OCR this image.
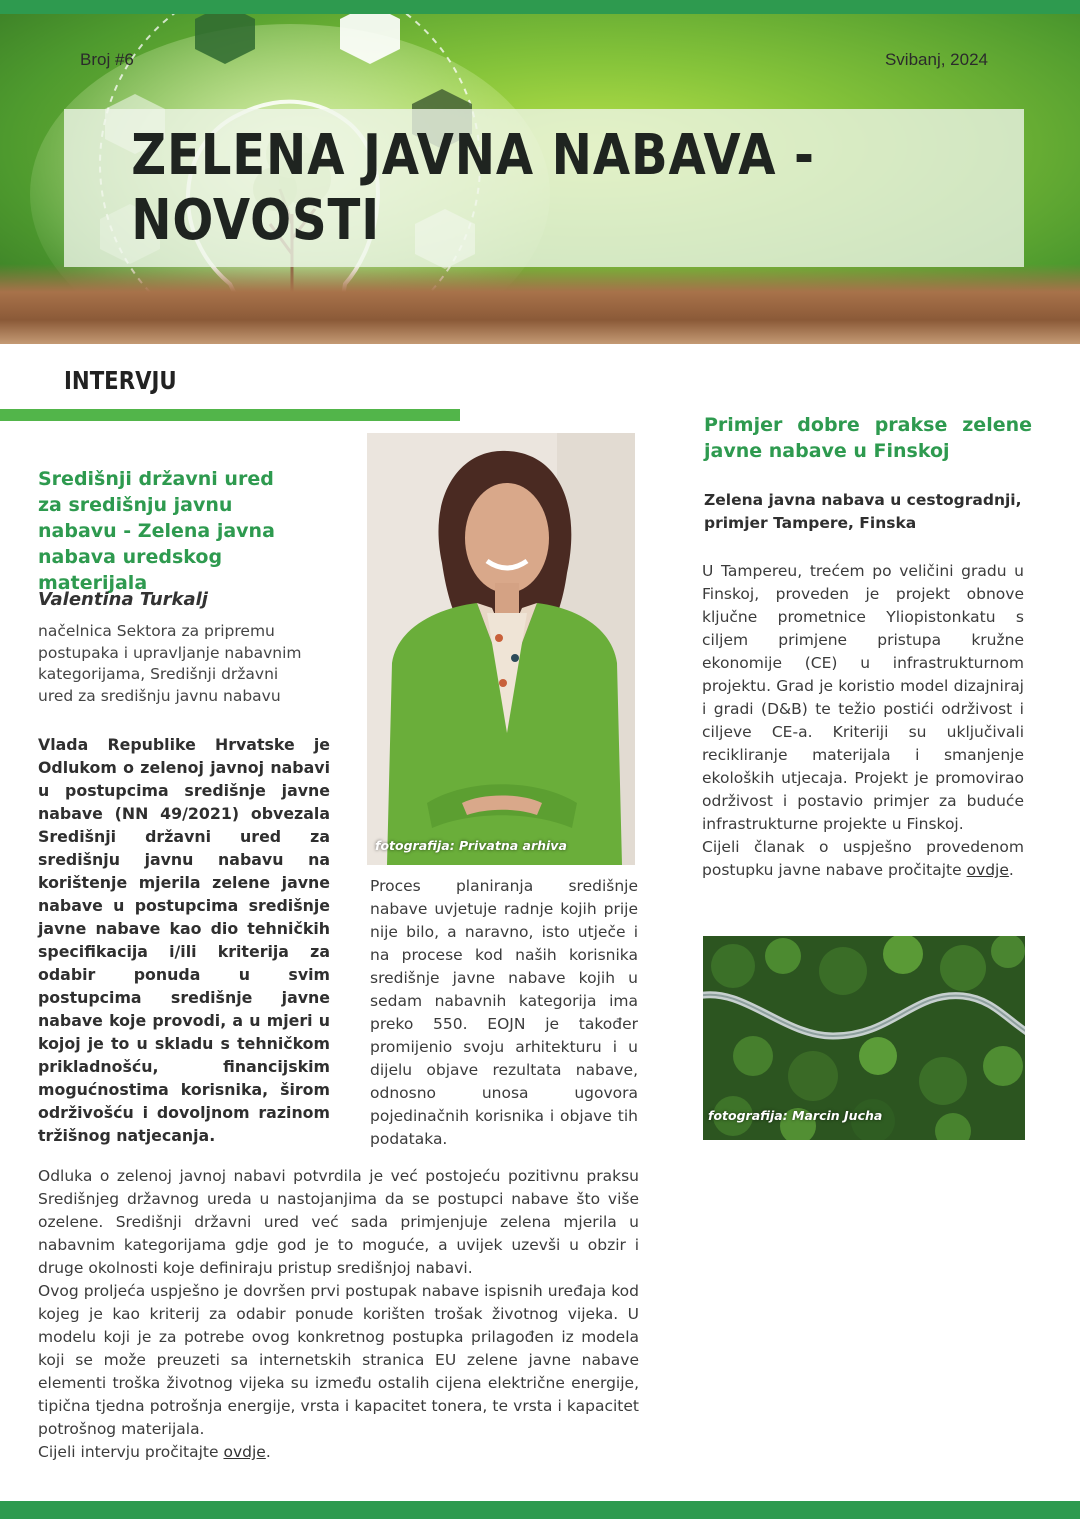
Broj #6	Svibanj, 2024
ZELENA JAVNA NABAVA - NOVOSTI
INTERVJU
Središnji državni ured za središnju javnu nabavu - Zelena javna nabava uredskog materijala
Valentina Turkalj
načelnica Sektora za pripremu postupaka i upravljanje nabavnim kategorijama, Središnji državni ured za središnju javnu nabavu
Vlada Republike Hrvatske je Odlukom o zelenoj javnoj nabavi u postupcima središnje javne nabave (NN 49/2021) obvezala Središnji državni ured za središnju javnu nabavu na korištenje mjerila zelene javne nabave u postupcima središnje javne nabave kao dio tehničkih specifikacija i/ili kriterija za odabir ponuda u svim postupcima središnje javne nabave koje provodi, a u mjeri u kojoj je to u skladu s tehničkom prikladnošću, financijskim mogućnostima korisnika, širom održivošću i dovoljnom razinom tržišnog natjecanja.
fotografija: Privatna arhiva
Proces planiranja središnje nabave uvjetuje radnje kojih prije nije bilo, a naravno, isto utječe i na procese kod naših korisnika središnje javne nabave kojih u sedam nabavnih kategorija ima preko 550. EOJN je također promijenio svoju arhitekturu i u dijelu objave rezultata nabave, odnosno unosa ugovora pojedinačnih korisnika i objave tih podataka.

Odluka o zelenoj javnoj nabavi potvrdila je već postojeću pozitivnu praksu Središnjeg državnog ureda u nastojanjima da se postupci nabave što više ozelene. Središnji državni ured već sada primjenjuje zelena mjerila u nabavnim kategorijama gdje god je to moguće, a uvijek uzevši u obzir i druge okolnosti koje definiraju pristup središnjoj nabavi.

Ovog proljeća uspješno je dovršen prvi postupak nabave ispisnih uređaja kod kojeg je kao kriterij za odabir ponude korišten trošak životnog vijeka. U modelu koji je za potrebe ovog konkretnog postupka prilagođen iz modela koji se može preuzeti sa internetskih stranica EU zelene javne nabave elementi troška životnog vijeka su između ostalih cijena električne energije, tipična tjedna potrošnja energije, vrsta i kapacitet tonera, te vrsta i kapacitet potrošnog materijala.

Cijeli intervju pročitajte ovdje.

Primjer dobre prakse zelene javne nabave u Finskoj
Zelena javna nabava u cestogradnji, primjer Tampere, Finska

U Tampereu, trećem po veličini gradu u Finskoj, proveden je projekt obnove ključne prometnice Yliopistonkatu s ciljem primjene pristupa kružne ekonomije (CE) u infrastrukturnom projektu. Grad je koristio model dizajniraj i gradi (D&B) te težio postići održivost i ciljeve CE-a. Kriteriji su uključivali recikliranje materijala i smanjenje ekoloških utjecaja. Projekt je promovirao održivost i postavio primjer za buduće infrastrukturne projekte u Finskoj.

Cijeli članak o uspješno provedenom postupku javne nabave pročitajte ovdje.

fotografija: Marcin Jucha
